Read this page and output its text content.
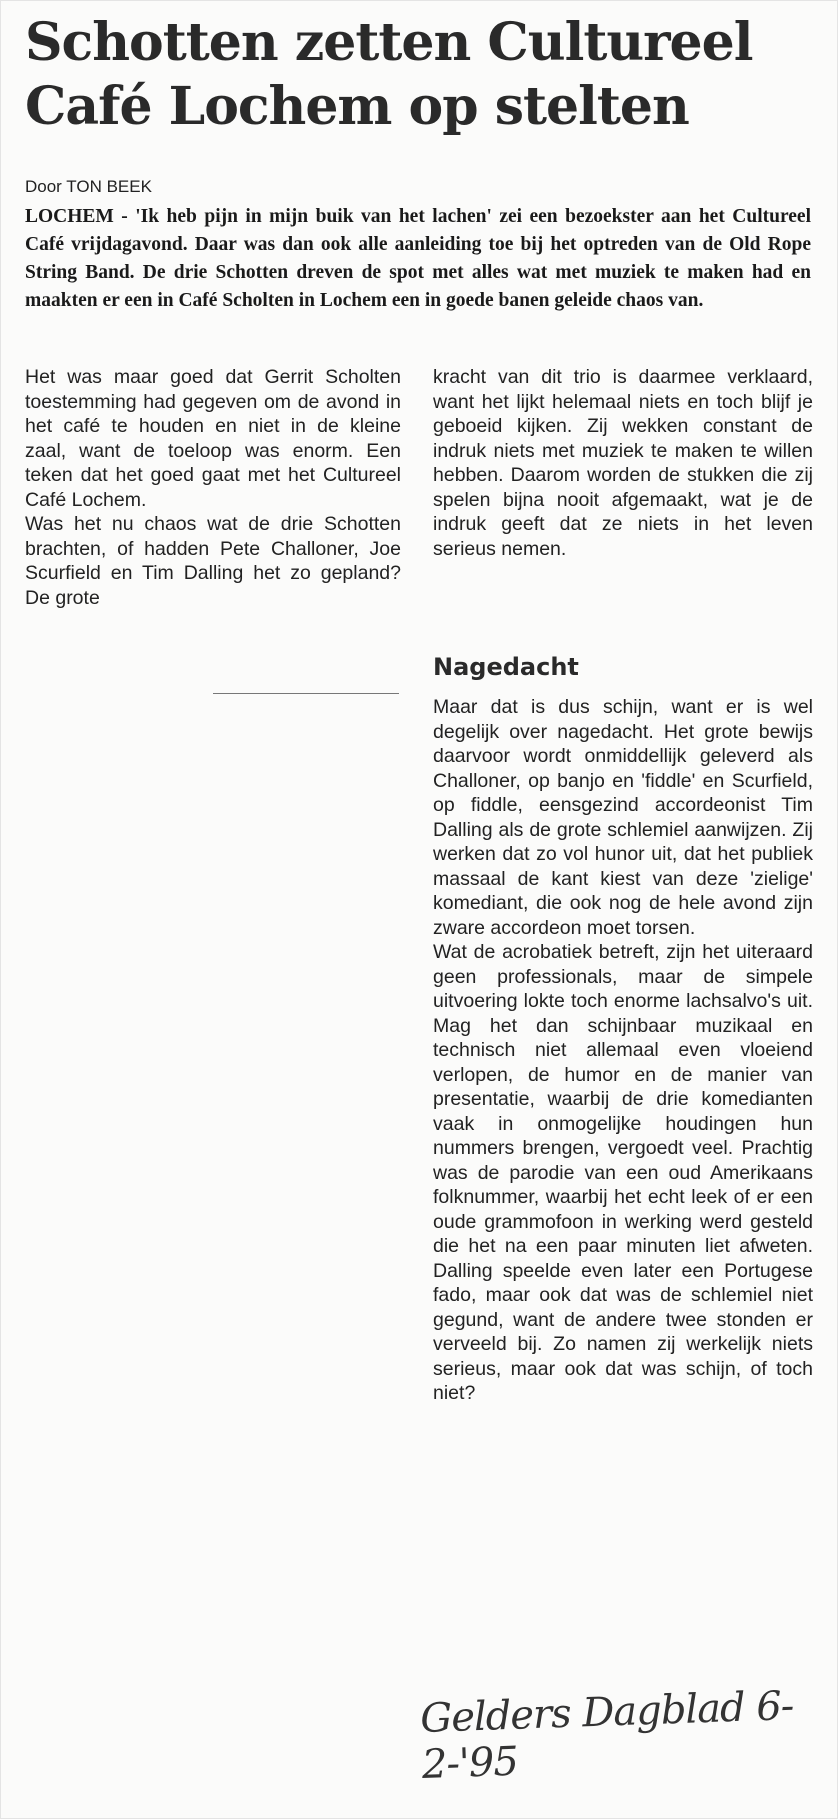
Schotten zetten Cultureel
Café Lochem op stelten
Door TON BEEK

LOCHEM - 'Ik heb pijn in mijn buik van het lachen' zei een bezoekster aan het Cultureel Café vrijdagavond. Daar was dan ook alle aanleiding toe bij het optreden van de Old Rope String Band. De drie Schotten dreven de spot met alles wat met muziek te maken had en maakten er een in Café Scholten in Lochem een in goede banen geleide chaos van.

Het was maar goed dat Gerrit Scholten toestemming had gegeven om de avond in het café te houden en niet in de kleine zaal, want de toeloop was enorm. Een teken dat het goed gaat met het Cultureel Café Lochem.

Was het nu chaos wat de drie Schotten brachten, of hadden Pete Challoner, Joe Scurfield en Tim Dalling het zo gepland? De grote

kracht van dit trio is daarmee verklaard, want het lijkt helemaal niets en toch blijf je geboeid kijken. Zij wekken constant de indruk niets met muziek te maken te willen hebben. Daarom worden de stukken die zij spelen bijna nooit afgemaakt, wat je de indruk geeft dat ze niets in het leven serieus nemen.

Nagedacht

Maar dat is dus schijn, want er is wel degelijk over nagedacht. Het grote bewijs daarvoor wordt onmiddellijk geleverd als Challoner, op banjo en 'fiddle' en Scurfield, op fiddle, eensgezind accordeonist Tim Dalling als de grote schlemiel aanwijzen. Zij werken dat zo vol hunor uit, dat het publiek massaal de kant kiest van deze 'zielige' komediant, die ook nog de hele avond zijn zware accordeon moet torsen.

Wat de acrobatiek betreft, zijn het uiteraard geen professionals, maar de simpele uitvoering lokte toch enorme lachsalvo's uit. Mag het dan schijnbaar muzikaal en technisch niet allemaal even vloeiend verlopen, de humor en de manier van presentatie, waarbij de drie komedianten vaak in onmogelijke houdingen hun nummers brengen, vergoedt veel. Prachtig was de parodie van een oud Amerikaans folknummer, waarbij het echt leek of er een oude grammofoon in werking werd gesteld die het na een paar minuten liet afweten. Dalling speelde even later een Portugese fado, maar ook dat was de schlemiel niet gegund, want de andere twee stonden er verveeld bij. Zo namen zij werkelijk niets serieus, maar ook dat was schijn, of toch niet?

Gelders Dagblad 6-2-'95
